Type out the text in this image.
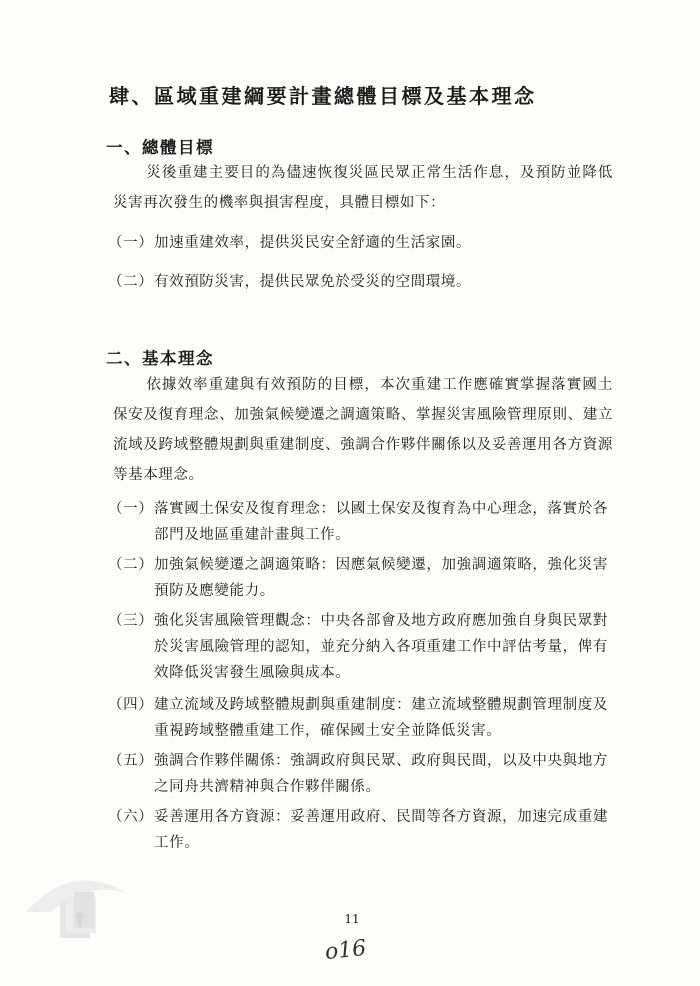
肆、區域重建綱要計畫總體目標及基本理念
一、總體目標

災後重建主要目的為儘速恢復災區民眾正常生活作息，及預防並降低災害再次發生的機率與損害程度，具體目標如下：

（一） 加速重建效率，提供災民安全舒適的生活家園。
（二） 有效預防災害，提供民眾免於受災的空間環境。
二、基本理念

依據效率重建與有效預防的目標，本次重建工作應確實掌握落實國土保安及復育理念、加強氣候變遷之調適策略、掌握災害風險管理原則、建立流域及跨域整體規劃與重建制度、強調合作夥伴關係以及妥善運用各方資源等基本理念。

（一） 落實國土保安及復育理念：以國土保安及復育為中心理念，落實於各部門及地區重建計畫與工作。
（二） 加強氣候變遷之調適策略：因應氣候變遷，加強調適策略，強化災害預防及應變能力。
（三） 強化災害風險管理觀念：中央各部會及地方政府應加強自身與民眾對於災害風險管理的認知，並充分納入各項重建工作中評估考量，俾有效降低災害發生風險與成本。
（四） 建立流域及跨域整體規劃與重建制度：建立流域整體規劃管理制度及重視跨域整體重建工作，確保國土安全並降低災害。
（五） 強調合作夥伴關係：強調政府與民眾、政府與民間，以及中央與地方之同舟共濟精神與合作夥伴關係。
（六） 妥善運用各方資源：妥善運用政府、民間等各方資源，加速完成重建工作。
11
o16
